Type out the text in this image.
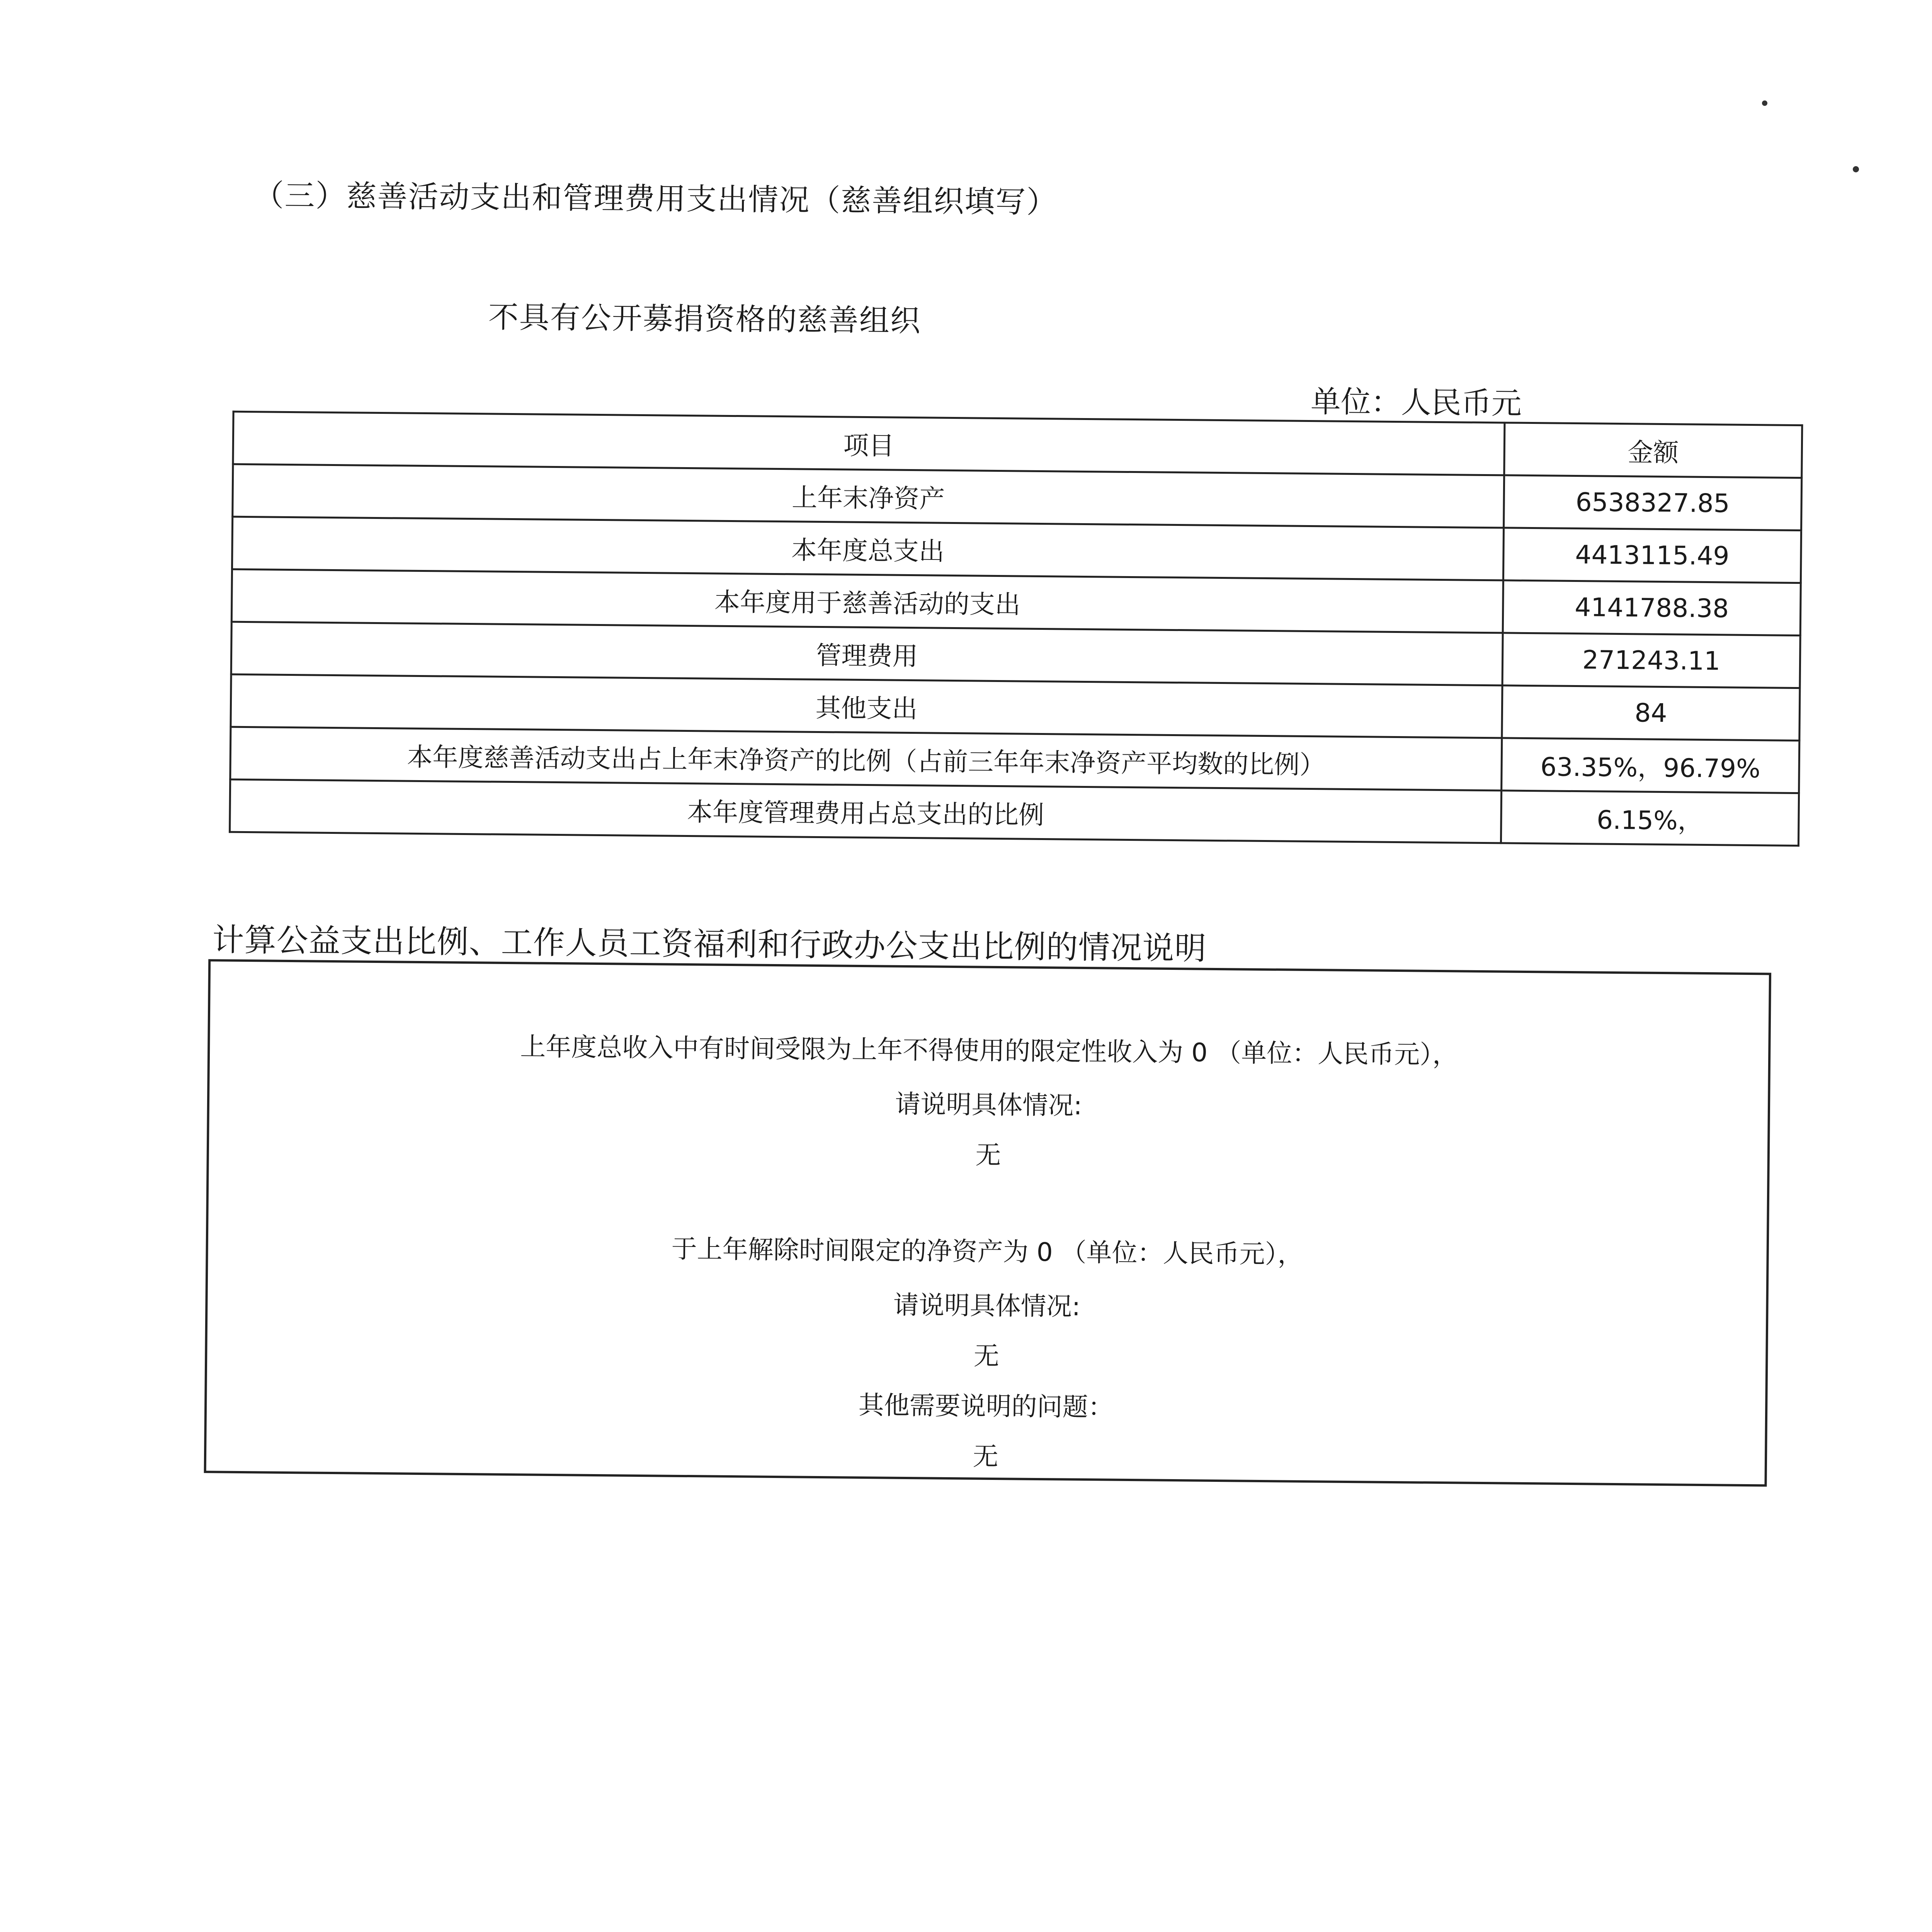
（三）慈善活动支出和管理费用支出情况（慈善组织填写）
不具有公开募捐资格的慈善组织
单位：人民币元
项目	金额
上年末净资产	6538327.85
本年度总支出	4413115.49
本年度用于慈善活动的支出	4141788.38
管理费用	271243.11
其他支出	84
本年度慈善活动支出占上年末净资产的比例（占前三年年末净资产平均数的比例）	63.35%，96.79%
本年度管理费用占总支出的比例	6.15%，
计算公益支出比例、工作人员工资福利和行政办公支出比例的情况说明
上年度总收入中有时间受限为上年不得使用的限定性收入为 0 （单位：人民币元），
请说明具体情况:
无
于上年解除时间限定的净资产为 0 （单位：人民币元），
请说明具体情况:
无
其他需要说明的问题：
无
